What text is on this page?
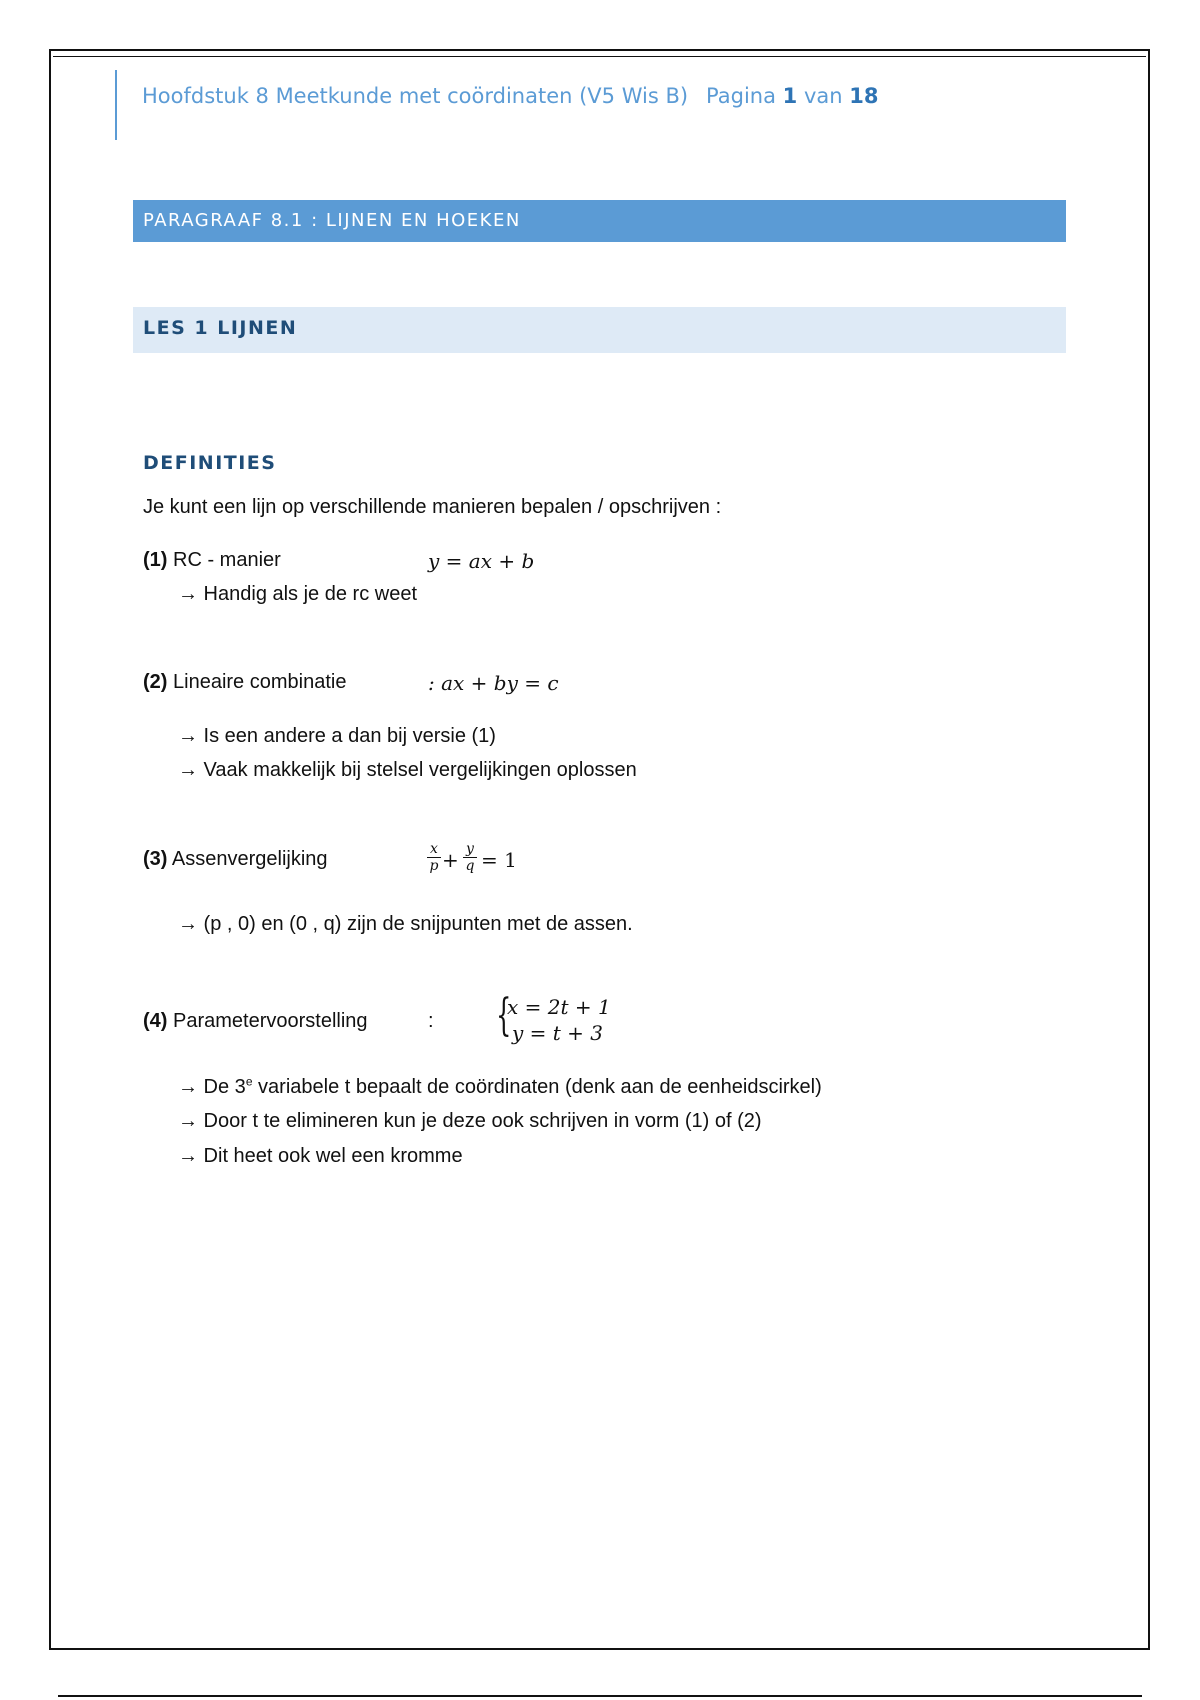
Hoofdstuk 8 Meetkunde met coördinaten (V5 Wis B) Pagina 1 van 18
PARAGRAAF 8.1 : LIJNEN EN HOEKEN
LES 1 LIJNEN
DEFINITIES
Je kunt een lijn op verschillende manieren bepalen / opschrijven :
(1) RC - manier	y = ax + b
→ Handig als je de rc weet
(2) Lineaire combinatie	: ax + by = c
→ Is een andere a dan bij versie (1)
→ Vaak makkelijk bij stelsel vergelijkingen oplossen
(3) Assenvergelijking	x
p + y
q = 1
→ (p , 0) en (0 , q) zijn de snijpunten met de assen.
(4) Parametervoorstelling	: {
x = 2t + 1
y = t + 3
→ De 3e variabele t bepaalt de coördinaten (denk aan de eenheidscirkel)
→ Door t te elimineren kun je deze ook schrijven in vorm (1) of (2)
→ Dit heet ook wel een kromme
